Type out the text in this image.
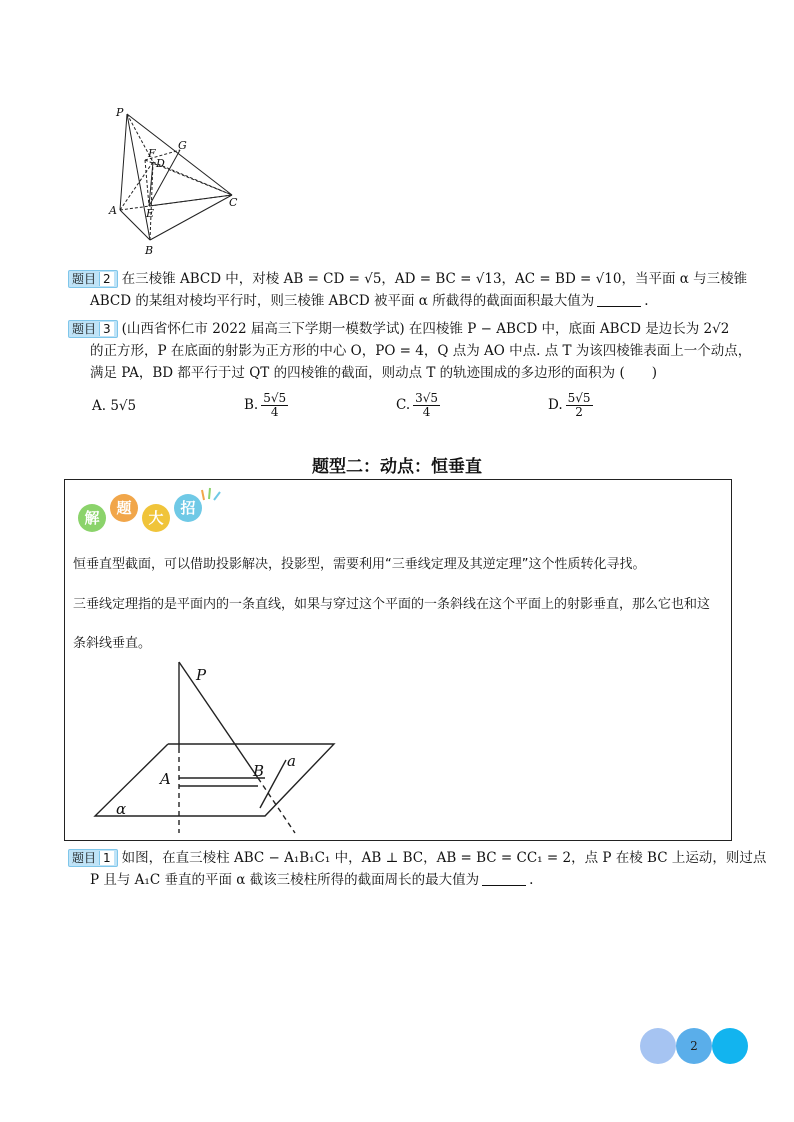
P
G
F
D
A	E
C
B
题目 2 在三棱锥 ABCD 中，对棱 AB = CD = √5，AD = BC = √13，AC = BD = √10，当平面 α 与三棱锥
ABCD 的某组对棱均平行时，则三棱锥 ABCD 被平面 α 所截得的截面面积最大值为	.
题目 3 (山西省怀仁市 2022 届高三下学期一模数学试) 在四棱锥 P − ABCD 中，底面 ABCD 是边长为 2√2
的正方形，P 在底面的射影为正方形的中心 O，PO = 4，Q 点为 AO 中点. 点 T 为该四棱锥表面上一个动点，
满足 PA，BD 都平行于过 QT 的四棱锥的截面，则动点 T 的轨迹围成的多边形的面积为 (　　)
A. 5√5	B. $\frac{5√5}{4}$	C. $\frac{3√5}{4}$	D. $\frac{5√5}{2}$
题型二：动点：恒垂直
解
题
大
招
恒垂直型截面，可以借助投影解决，投影型，需要利用“三垂线定理及其逆定理”这个性质转化寻找。
三垂线定理指的是平面内的一条直线，如果与穿过这个平面的一条斜线在这个平面上的射影垂直，那么它也和这
条斜线垂直。
P
A	B
a
α
题目 1 如图，在直三棱柱 ABC − A₁B₁C₁ 中，AB ⊥ BC，AB = BC = CC₁ = 2，点 P 在棱 BC 上运动，则过点
P 且与 A₁C 垂直的平面 α 截该三棱柱所得的截面周长的最大值为	.
2
